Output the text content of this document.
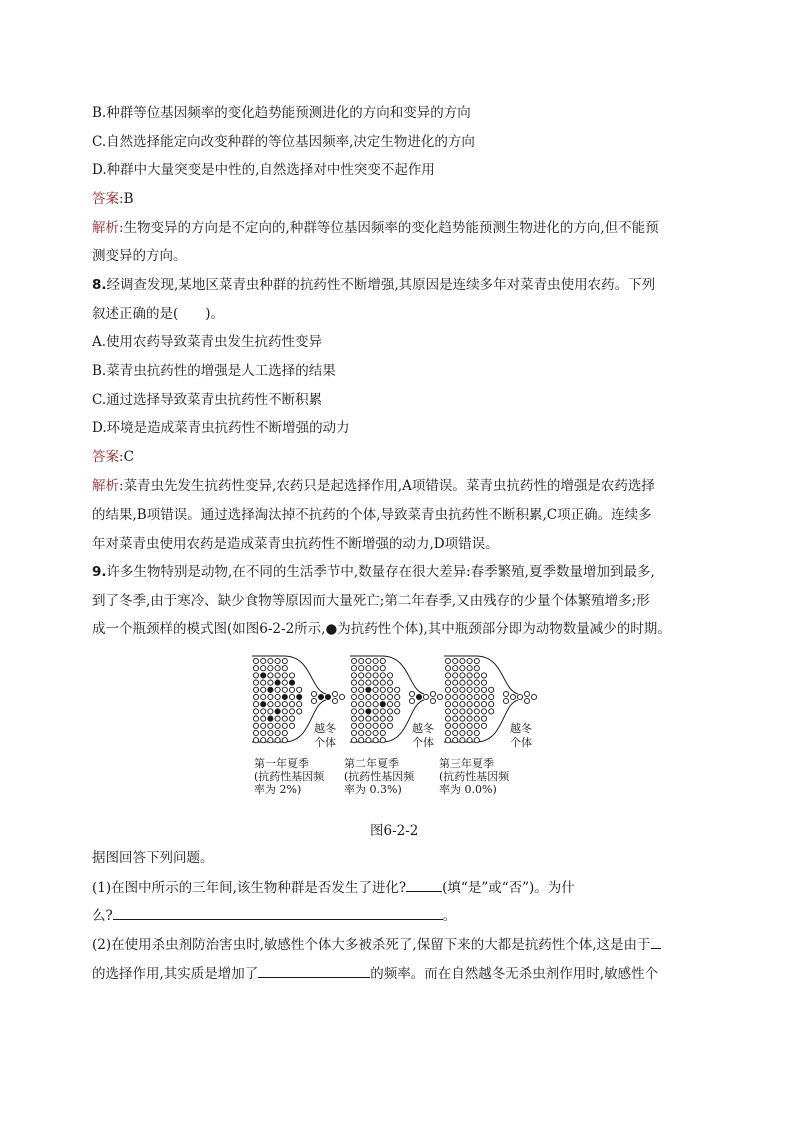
B.种群等位基因频率的变化趋势能预测进化的方向和变异的方向
C.自然选择能定向改变种群的等位基因频率,决定生物进化的方向
D.种群中大量突变是中性的,自然选择对中性突变不起作用
答案:B
解析:生物变异的方向是不定向的,种群等位基因频率的变化趋势能预测生物进化的方向,但不能预
测变异的方向。
8.经调查发现,某地区菜青虫种群的抗药性不断增强,其原因是连续多年对菜青虫使用农药。下列
叙述正确的是(　　)。
A.使用农药导致菜青虫发生抗药性变异
B.菜青虫抗药性的增强是人工选择的结果
C.通过选择导致菜青虫抗药性不断积累
D.环境是造成菜青虫抗药性不断增强的动力
答案:C
解析:菜青虫先发生抗药性变异,农药只是起选择作用,A项错误。菜青虫抗药性的增强是农药选择
的结果,B项错误。通过选择淘汰掉不抗药的个体,导致菜青虫抗药性不断积累,C项正确。连续多
年对菜青虫使用农药是造成菜青虫抗药性不断增强的动力,D项错误。
9.许多生物特别是动物,在不同的生活季节中,数量存在很大差异:春季繁殖,夏季数量增加到最多,
到了冬季,由于寒冷、缺少食物等原因而大量死亡;第二年春季,又由残存的少量个体繁殖增多;形
成一个瓶颈样的模式图(如图6-2-2所示,●为抗药性个体),其中瓶颈部分即为动物数量减少的时期。
越冬
个体
越冬
个体
越冬
个体
第一年夏季
(抗药性基因频
率为 2%)
第二年夏季
(抗药性基因频
率为 0.3%)
第三年夏季
(抗药性基因频
率为 0.0%)
图6-2-2
据图回答下列问题。
(1)在图中所示的三年间,该生物种群是否发生了进化?	(填“是”或“否”)。为什
么?	。
(2)在使用杀虫剂防治害虫时,敏感性个体大多被杀死了,保留下来的大都是抗药性个体,这是由于
的选择作用,其实质是增加了	的频率。而在自然越冬无杀虫剂作用时,敏感性个
